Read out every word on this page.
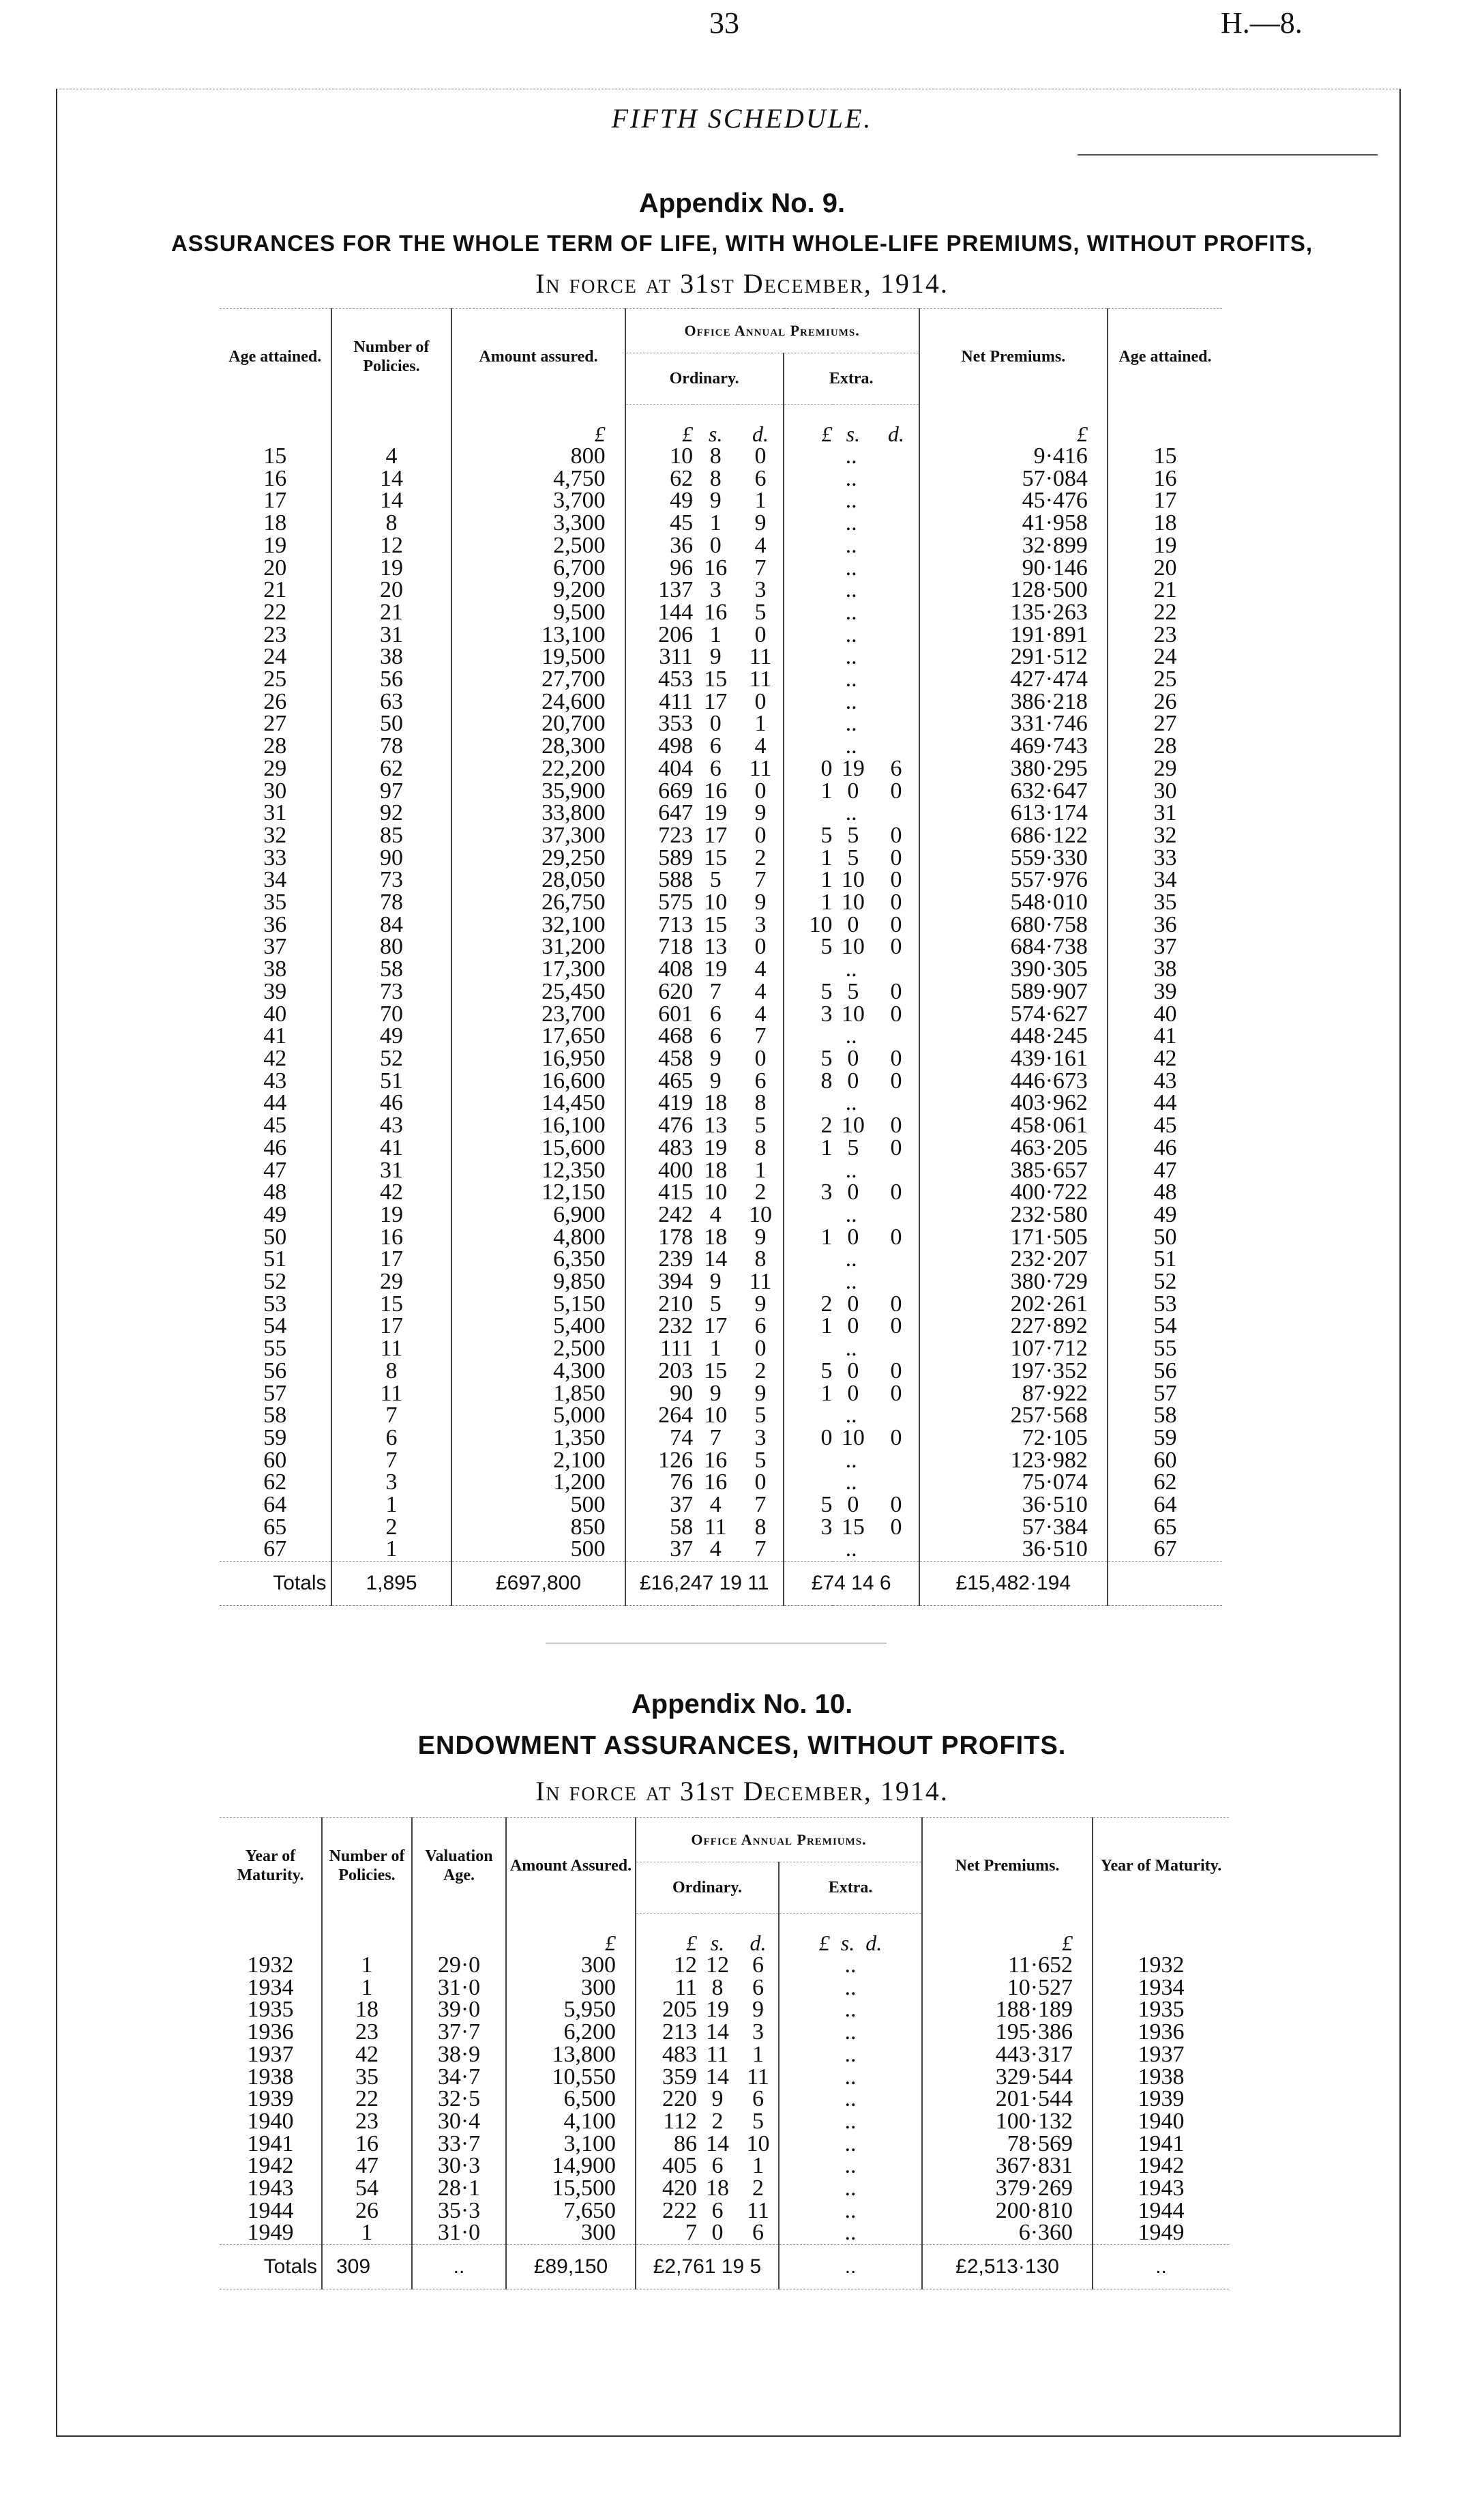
33	H.—8.
FIFTH SCHEDULE.
Appendix No. 9.
ASSURANCES FOR THE WHOLE TERM OF LIFE, WITH WHOLE-LIFE PREMIUMS, WITHOUT PROFITS,
In force at 31st December, 1914.
Age attained.	Number of Policies.	Amount assured.	Office Annual Premiums.						Net Premiums.	Age attained.
			Ordinary.			Extra.				
		£	£	s.	d.	£	s.	d.	£	
15	4	800	10	8	0	..			9·416	15
16	14	4,750	62	8	6	..			57·084	16
17	14	3,700	49	9	1	..			45·476	17
18	8	3,300	45	1	9	..			41·958	18
19	12	2,500	36	0	4	..			32·899	19
20	19	6,700	96	16	7	..			90·146	20
21	20	9,200	137	3	3	..			128·500	21
22	21	9,500	144	16	5	..			135·263	22
23	31	13,100	206	1	0	..			191·891	23
24	38	19,500	311	9	11	..			291·512	24
25	56	27,700	453	15	11	..			427·474	25
26	63	24,600	411	17	0	..			386·218	26
27	50	20,700	353	0	1	..			331·746	27
28	78	28,300	498	6	4	..			469·743	28
29	62	22,200	404	6	11	0	19	6	380·295	29
30	97	35,900	669	16	0	1	0	0	632·647	30
31	92	33,800	647	19	9	..			613·174	31
32	85	37,300	723	17	0	5	5	0	686·122	32
33	90	29,250	589	15	2	1	5	0	559·330	33
34	73	28,050	588	5	7	1	10	0	557·976	34
35	78	26,750	575	10	9	1	10	0	548·010	35
36	84	32,100	713	15	3	10	0	0	680·758	36
37	80	31,200	718	13	0	5	10	0	684·738	37
38	58	17,300	408	19	4	..			390·305	38
39	73	25,450	620	7	4	5	5	0	589·907	39
40	70	23,700	601	6	4	3	10	0	574·627	40
41	49	17,650	468	6	7	..			448·245	41
42	52	16,950	458	9	0	5	0	0	439·161	42
43	51	16,600	465	9	6	8	0	0	446·673	43
44	46	14,450	419	18	8	..			403·962	44
45	43	16,100	476	13	5	2	10	0	458·061	45
46	41	15,600	483	19	8	1	5	0	463·205	46
47	31	12,350	400	18	1	..			385·657	47
48	42	12,150	415	10	2	3	0	0	400·722	48
49	19	6,900	242	4	10	..			232·580	49
50	16	4,800	178	18	9	1	0	0	171·505	50
51	17	6,350	239	14	8	..			232·207	51
52	29	9,850	394	9	11	..			380·729	52
53	15	5,150	210	5	9	2	0	0	202·261	53
54	17	5,400	232	17	6	1	0	0	227·892	54
55	11	2,500	111	1	0	..			107·712	55
56	8	4,300	203	15	2	5	0	0	197·352	56
57	11	1,850	90	9	9	1	0	0	87·922	57
58	7	5,000	264	10	5	..			257·568	58
59	6	1,350	74	7	3	0	10	0	72·105	59
60	7	2,100	126	16	5	..			123·982	60
62	3	1,200	76	16	0	..			75·074	62
64	1	500	37	4	7	5	0	0	36·510	64
65	2	850	58	11	8	3	15	0	57·384	65
67	1	500	37	4	7	..			36·510	67
Totals	1,895	£697,800	£16,247 19 11			£74 14 6			£15,482·194	
Appendix No. 10.
ENDOWMENT ASSURANCES, WITHOUT PROFITS.
In force at 31st December, 1914.
Year of Maturity.	Number of Policies.	Valuation Age.	Amount Assured.	Office Annual Premiums.				Net Premiums.	Year of Maturity.
				Ordinary.			Extra.		
			£	£	s.	d.	£ s. d.	£	
1932	1	29·0	300	12	12	6	..	11·652	1932
1934	1	31·0	300	11	8	6	..	10·527	1934
1935	18	39·0	5,950	205	19	9	..	188·189	1935
1936	23	37·7	6,200	213	14	3	..	195·386	1936
1937	42	38·9	13,800	483	11	1	..	443·317	1937
1938	35	34·7	10,550	359	14	11	..	329·544	1938
1939	22	32·5	6,500	220	9	6	..	201·544	1939
1940	23	30·4	4,100	112	2	5	..	100·132	1940
1941	16	33·7	3,100	86	14	10	..	78·569	1941
1942	47	30·3	14,900	405	6	1	..	367·831	1942
1943	54	28·1	15,500	420	18	2	..	379·269	1943
1944	26	35·3	7,650	222	6	11	..	200·810	1944
1949	1	31·0	300	7	0	6	..	6·360	1949
Totals	309	..	£89,150	£2,761 19 5			..	£2,513·130	..
